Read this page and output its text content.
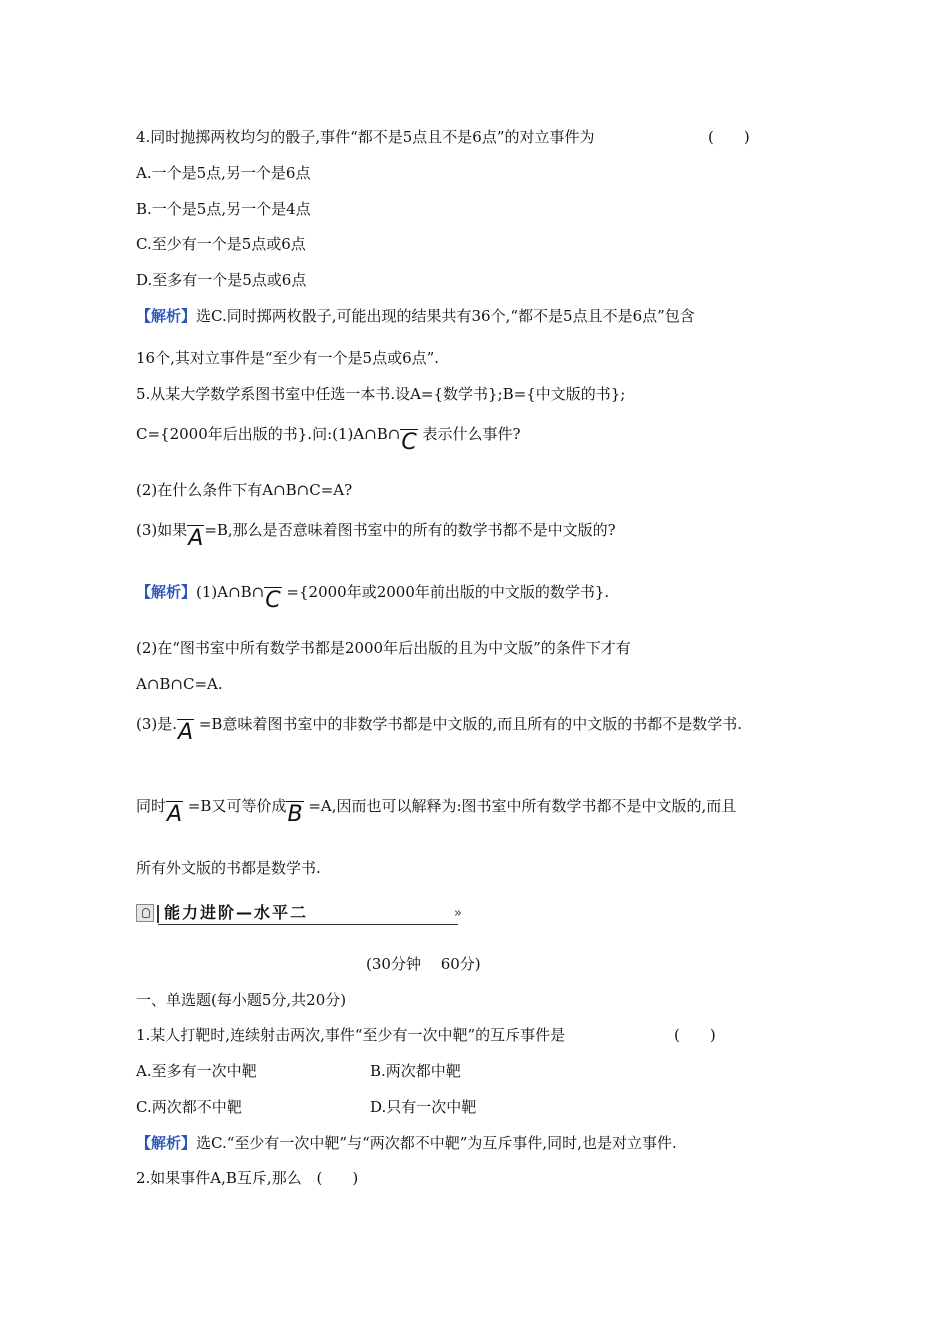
4.同时抛掷两枚均匀的骰子,事件“都不是5点且不是6点”的对立事件为	(　　)
A.一个是5点,另一个是6点
B.一个是5点,另一个是4点
C.至少有一个是5点或6点
D.至多有一个是5点或6点
【解析】选C.同时掷两枚骰子,可能出现的结果共有36个,“都不是5点且不是6点”包含
16个,其对立事件是“至少有一个是5点或6点”.
5.从某大学数学系图书室中任选一本书.设A={数学书};B={中文版的书};
C={2000年后出版的书}.问:(1)A∩B∩C 表示什么事件?
(2)在什么条件下有A∩B∩C=A?
(3)如果A=B,那么是否意味着图书室中的所有的数学书都不是中文版的?
【解析】(1)A∩B∩C ={2000年或2000年前出版的中文版的数学书}.
(2)在“图书室中所有数学书都是2000年后出版的且为中文版”的条件下才有
A∩B∩C=A.
(3)是.A =B意味着图书室中的非数学书都是中文版的,而且所有的中文版的书都不是数学书.
同时A =B又可等价成B =A,因而也可以解释为:图书室中所有数学书都不是中文版的,而且
所有外文版的书都是数学书.
能力进阶—水平二	»
(30分钟　 60分)
一、单选题(每小题5分,共20分)
1.某人打靶时,连续射击两次,事件“至少有一次中靶”的互斥事件是	(　　)
A.至多有一次中靶	B.两次都中靶
C.两次都不中靶	D.只有一次中靶
【解析】选C.“至少有一次中靶”与“两次都不中靶”为互斥事件,同时,也是对立事件.
2.如果事件A,B互斥,那么 (　　)
